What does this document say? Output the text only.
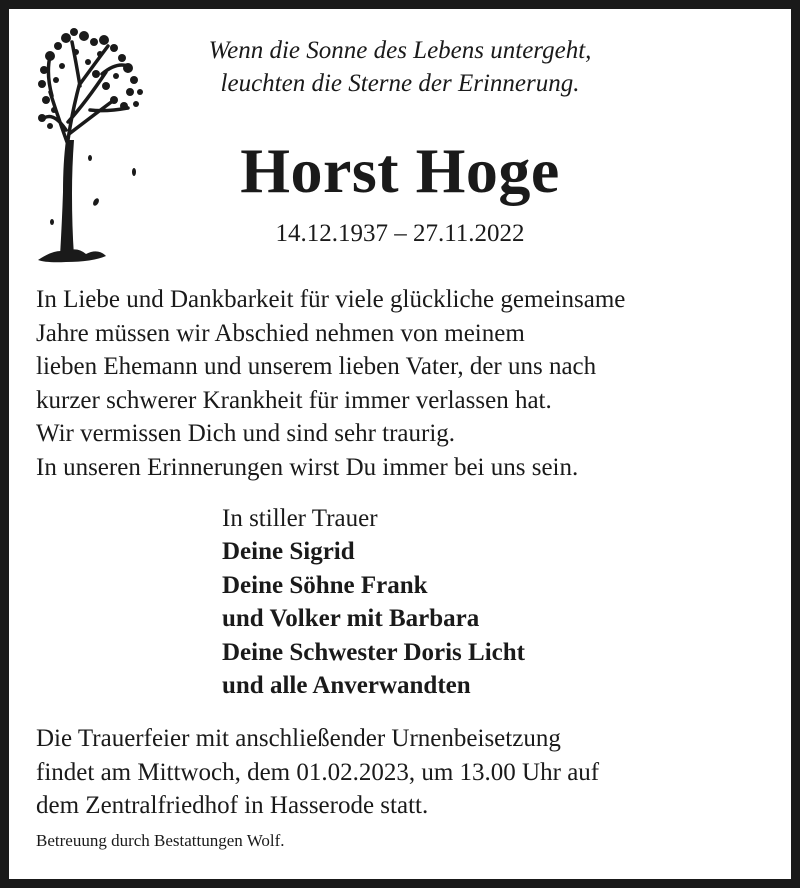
Wenn die Sonne des Lebens untergeht,
leuchten die Sterne der Erinnerung.
Horst Hoge
14.12.1937 – 27.11.2022
In Liebe und Dankbarkeit für viele glückliche gemeinsame
Jahre müssen wir Abschied nehmen von meinem
lieben Ehemann und unserem lieben Vater, der uns nach
kurzer schwerer Krankheit für immer verlassen hat.
Wir vermissen Dich und sind sehr traurig.
In unseren Erinnerungen wirst Du immer bei uns sein.
In stiller Trauer
Deine Sigrid
Deine Söhne Frank
und Volker mit Barbara
Deine Schwester Doris Licht
und alle Anverwandten
Die Trauerfeier mit anschließender Urnenbeisetzung
findet am Mittwoch, dem 01.02.2023, um 13.00 Uhr auf
dem Zentralfriedhof in Hasserode statt.
Betreuung durch Bestattungen Wolf.
